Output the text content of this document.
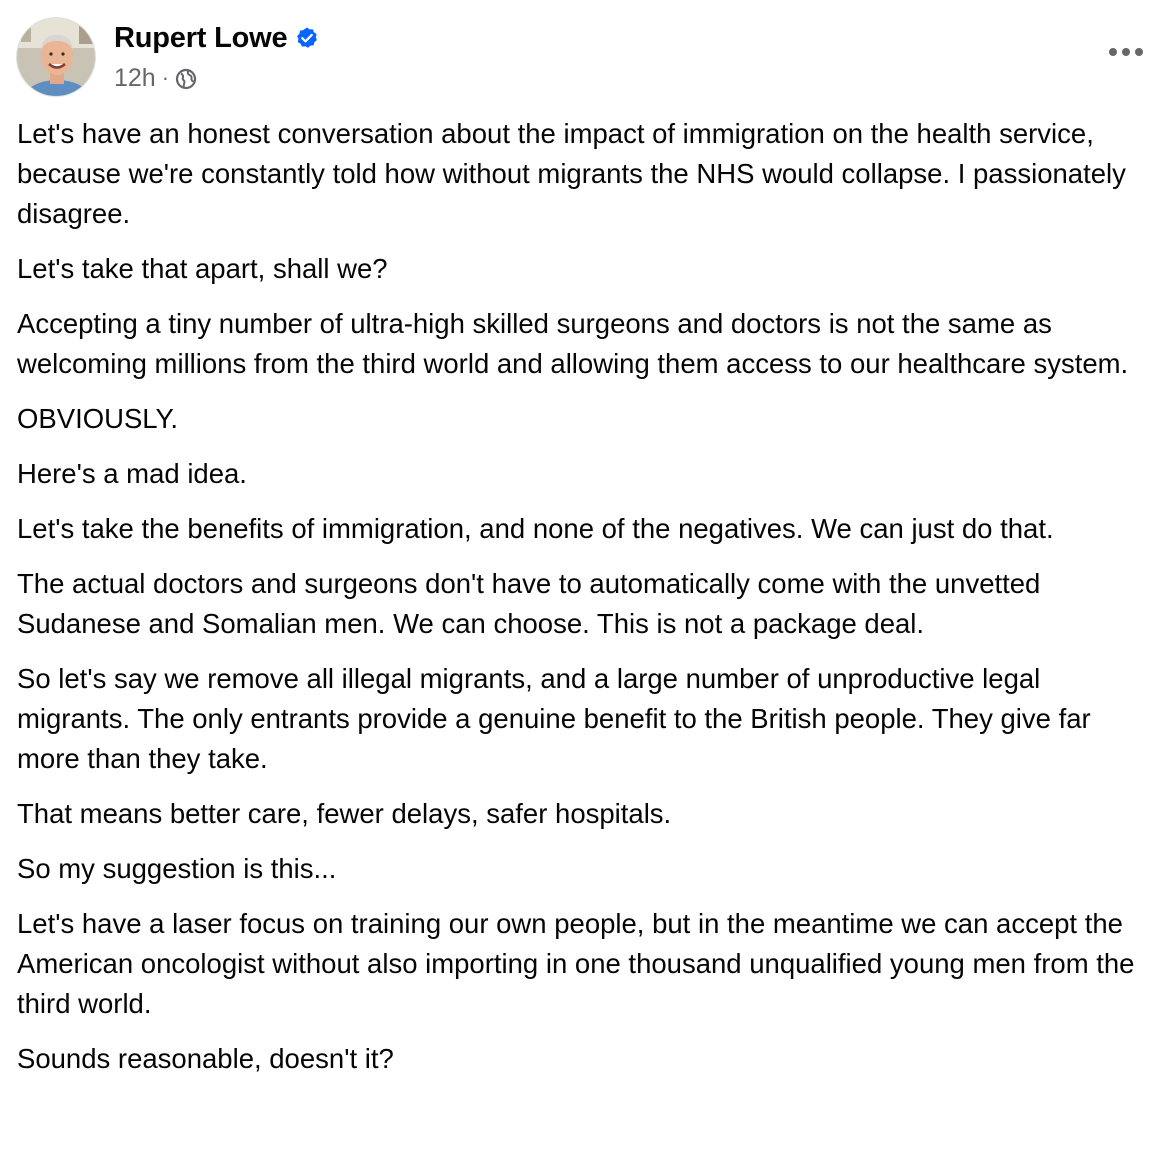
Rupert Lowe
12h ·

Let's have an honest conversation about the impact of immigration on the health service, because we're constantly told how without migrants the NHS would collapse. I passionately disagree.

Let's take that apart, shall we?

Accepting a tiny number of ultra-high skilled surgeons and doctors is not the same as welcoming millions from the third world and allowing them access to our healthcare system.

OBVIOUSLY.

Here's a mad idea.

Let's take the benefits of immigration, and none of the negatives. We can just do that.

The actual doctors and surgeons don't have to automatically come with the unvetted Sudanese and Somalian men. We can choose. This is not a package deal.

So let's say we remove all illegal migrants, and a large number of unproductive legal migrants. The only entrants provide a genuine benefit to the British people. They give far more than they take.

That means better care, fewer delays, safer hospitals.

So my suggestion is this...

Let's have a laser focus on training our own people, but in the meantime we can accept the American oncologist without also importing in one thousand unqualified young men from the third world.

Sounds reasonable, doesn't it?
